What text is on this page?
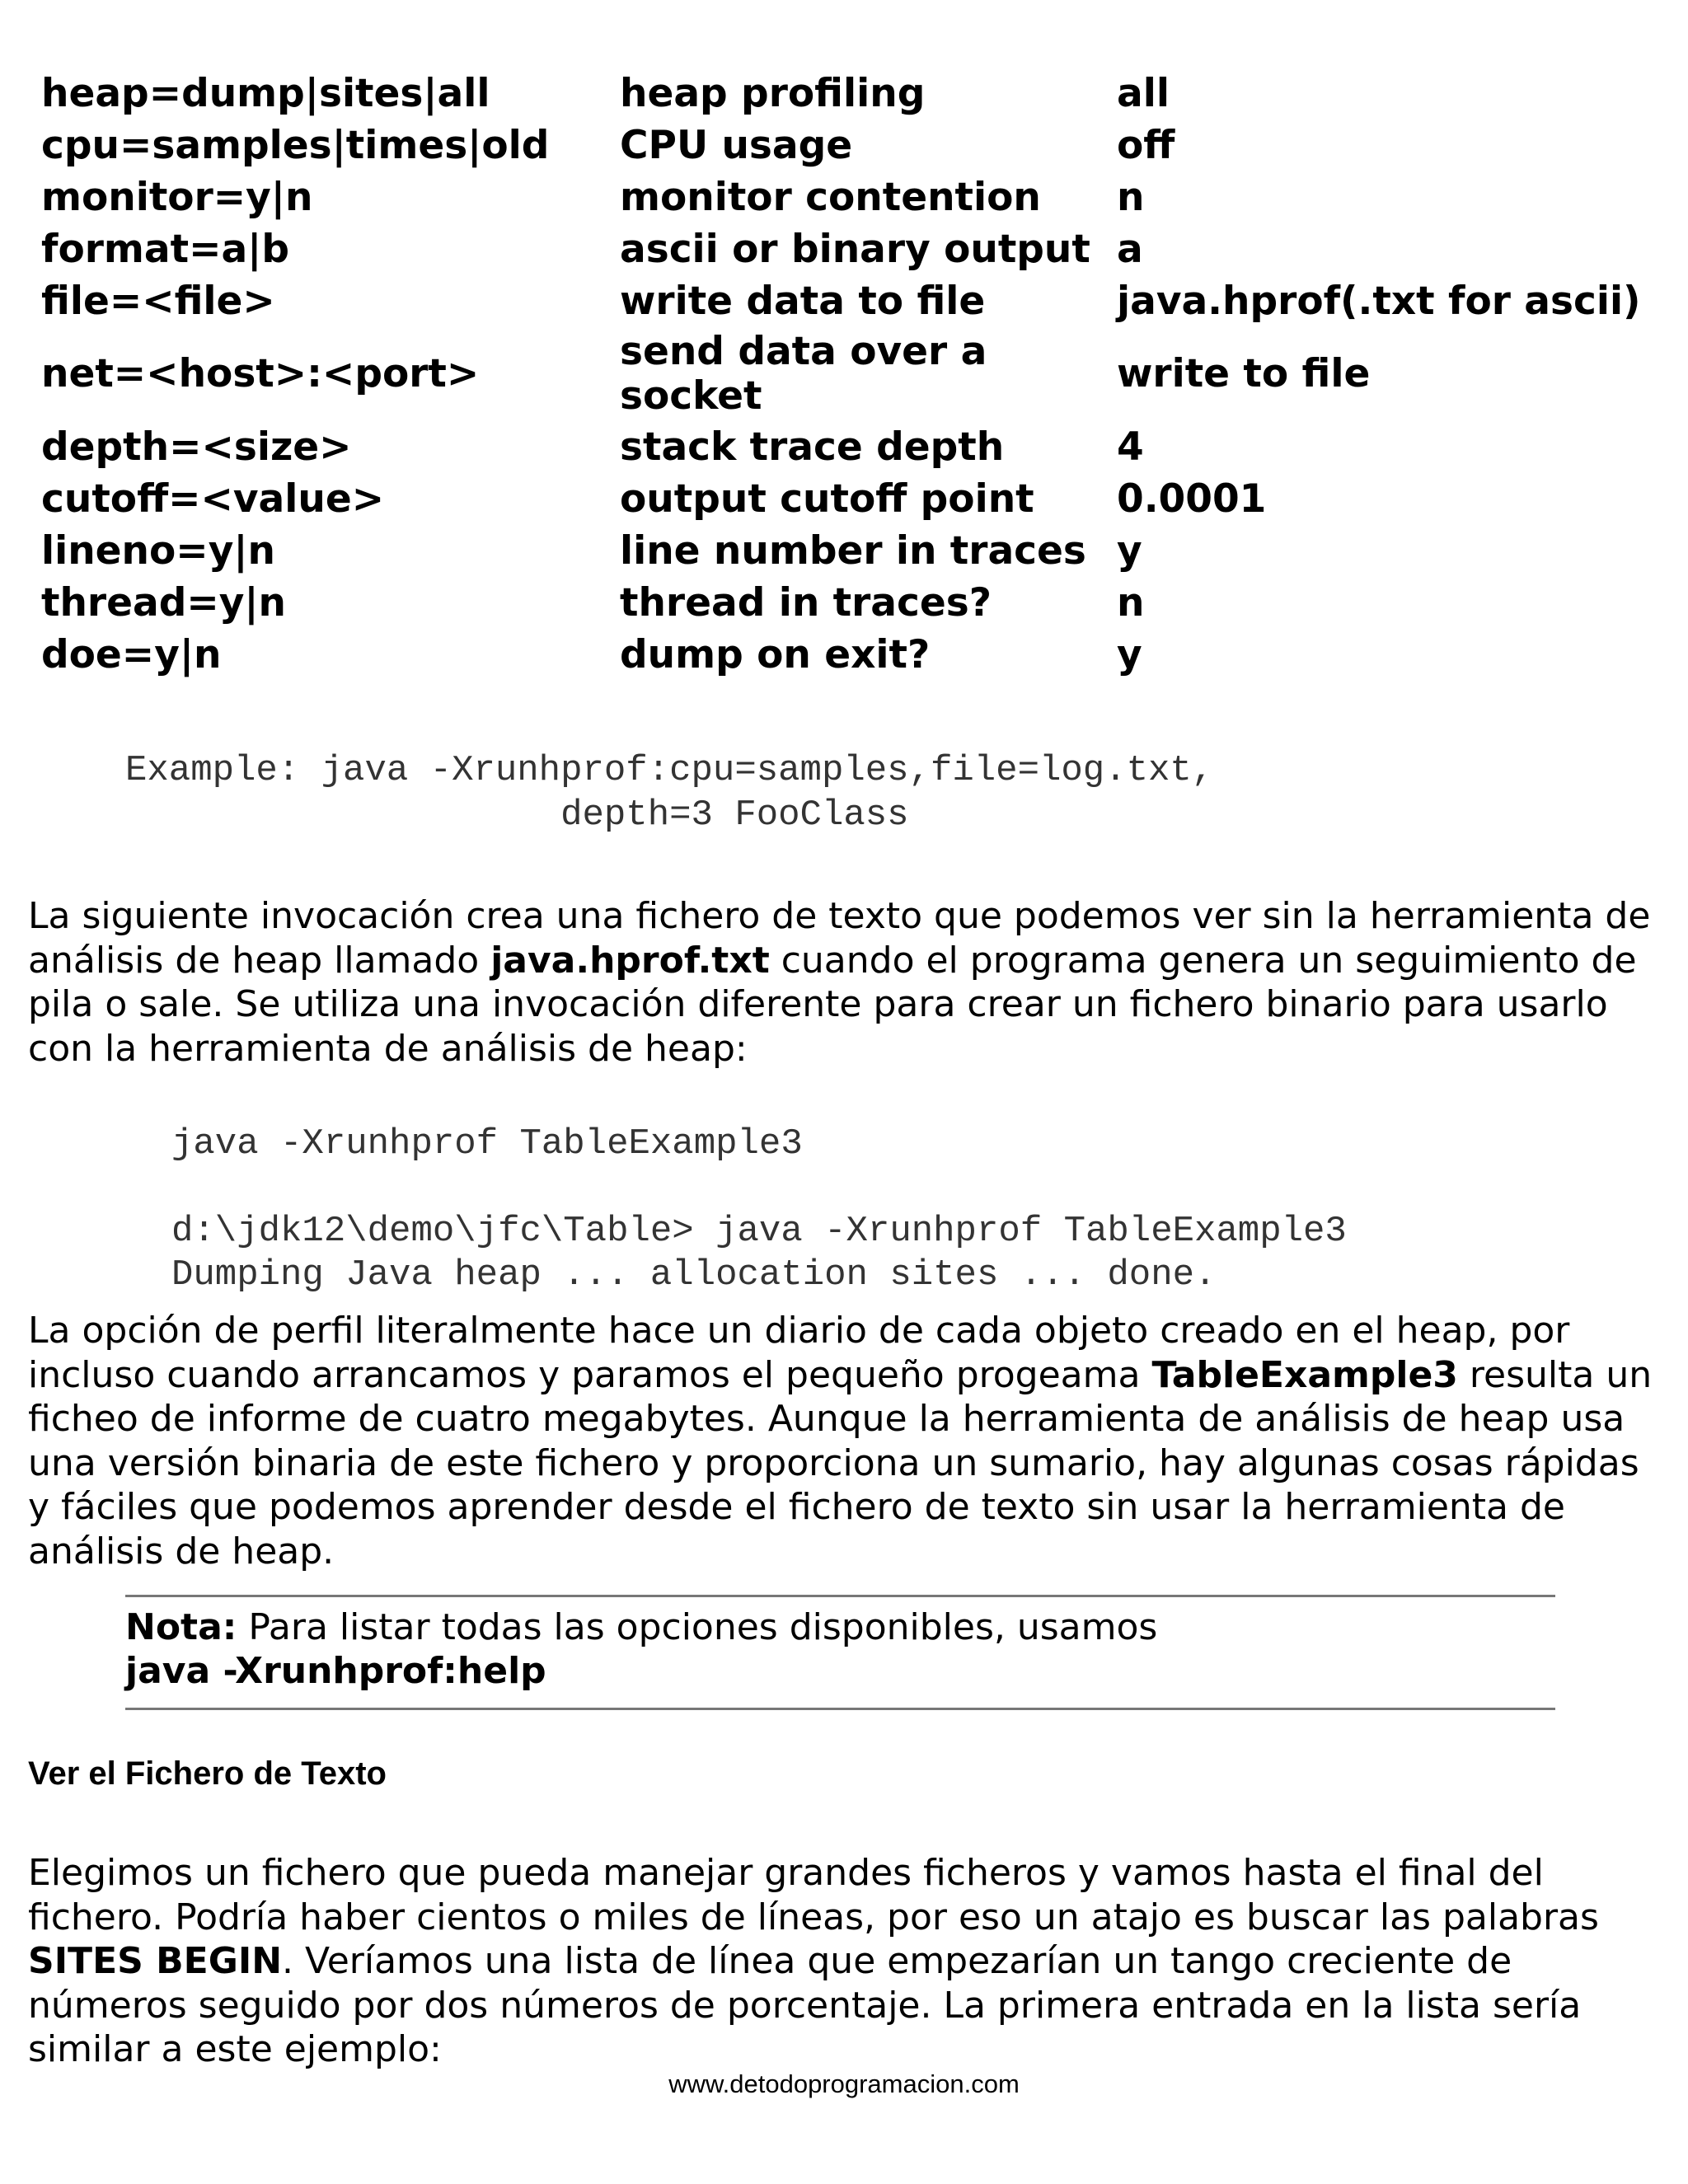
heap=dump|sites|all	heap profiling	all
cpu=samples|times|old	CPU usage	off
monitor=y|n	monitor contention	n
format=a|b	ascii or binary output	a
file=<file>	write data to file	java.hprof(.txt for ascii)
net=<host>:<port>	send data over a socket	write to file
depth=<size>	stack trace depth	4
cutoff=<value>	output cutoff point	0.0001
lineno=y|n	line number in traces	y
thread=y|n	thread in traces?	n
doe=y|n	dump on exit?	y
Example: java -Xrunhprof:cpu=samples,file=log.txt,
depth=3 FooClass

La siguiente invocación crea una fichero de texto que podemos ver sin la herramienta de análisis de heap llamado java.hprof.txt cuando el programa genera un seguimiento de pila o sale. Se utiliza una invocación diferente para crear un fichero binario para usarlo con la herramienta de análisis de heap:

java -Xrunhprof TableExample3

d:\jdk12\demo\jfc\Table> java -Xrunhprof TableExample3
Dumping Java heap ... allocation sites ... done.

La opción de perfil literalmente hace un diario de cada objeto creado en el heap, por incluso cuando arrancamos y paramos el pequeño progeama TableExample3 resulta un ficheo de informe de cuatro megabytes. Aunque la herramienta de análisis de heap usa una versión binaria de este fichero y proporciona un sumario, hay algunas cosas rápidas y fáciles que podemos aprender desde el fichero de texto sin usar la herramienta de análisis de heap.

Nota: Para listar todas las opciones disponibles, usamos
java -Xrunhprof:help
Ver el Fichero de Texto

Elegimos un fichero que pueda manejar grandes ficheros y vamos hasta el final del fichero. Podría haber cientos o miles de líneas, por eso un atajo es buscar las palabras SITES BEGIN. Veríamos una lista de línea que empezarían un tango creciente de números seguido por dos números de porcentaje. La primera entrada en la lista sería similar a este ejemplo:

www.detodoprogramacion.com
